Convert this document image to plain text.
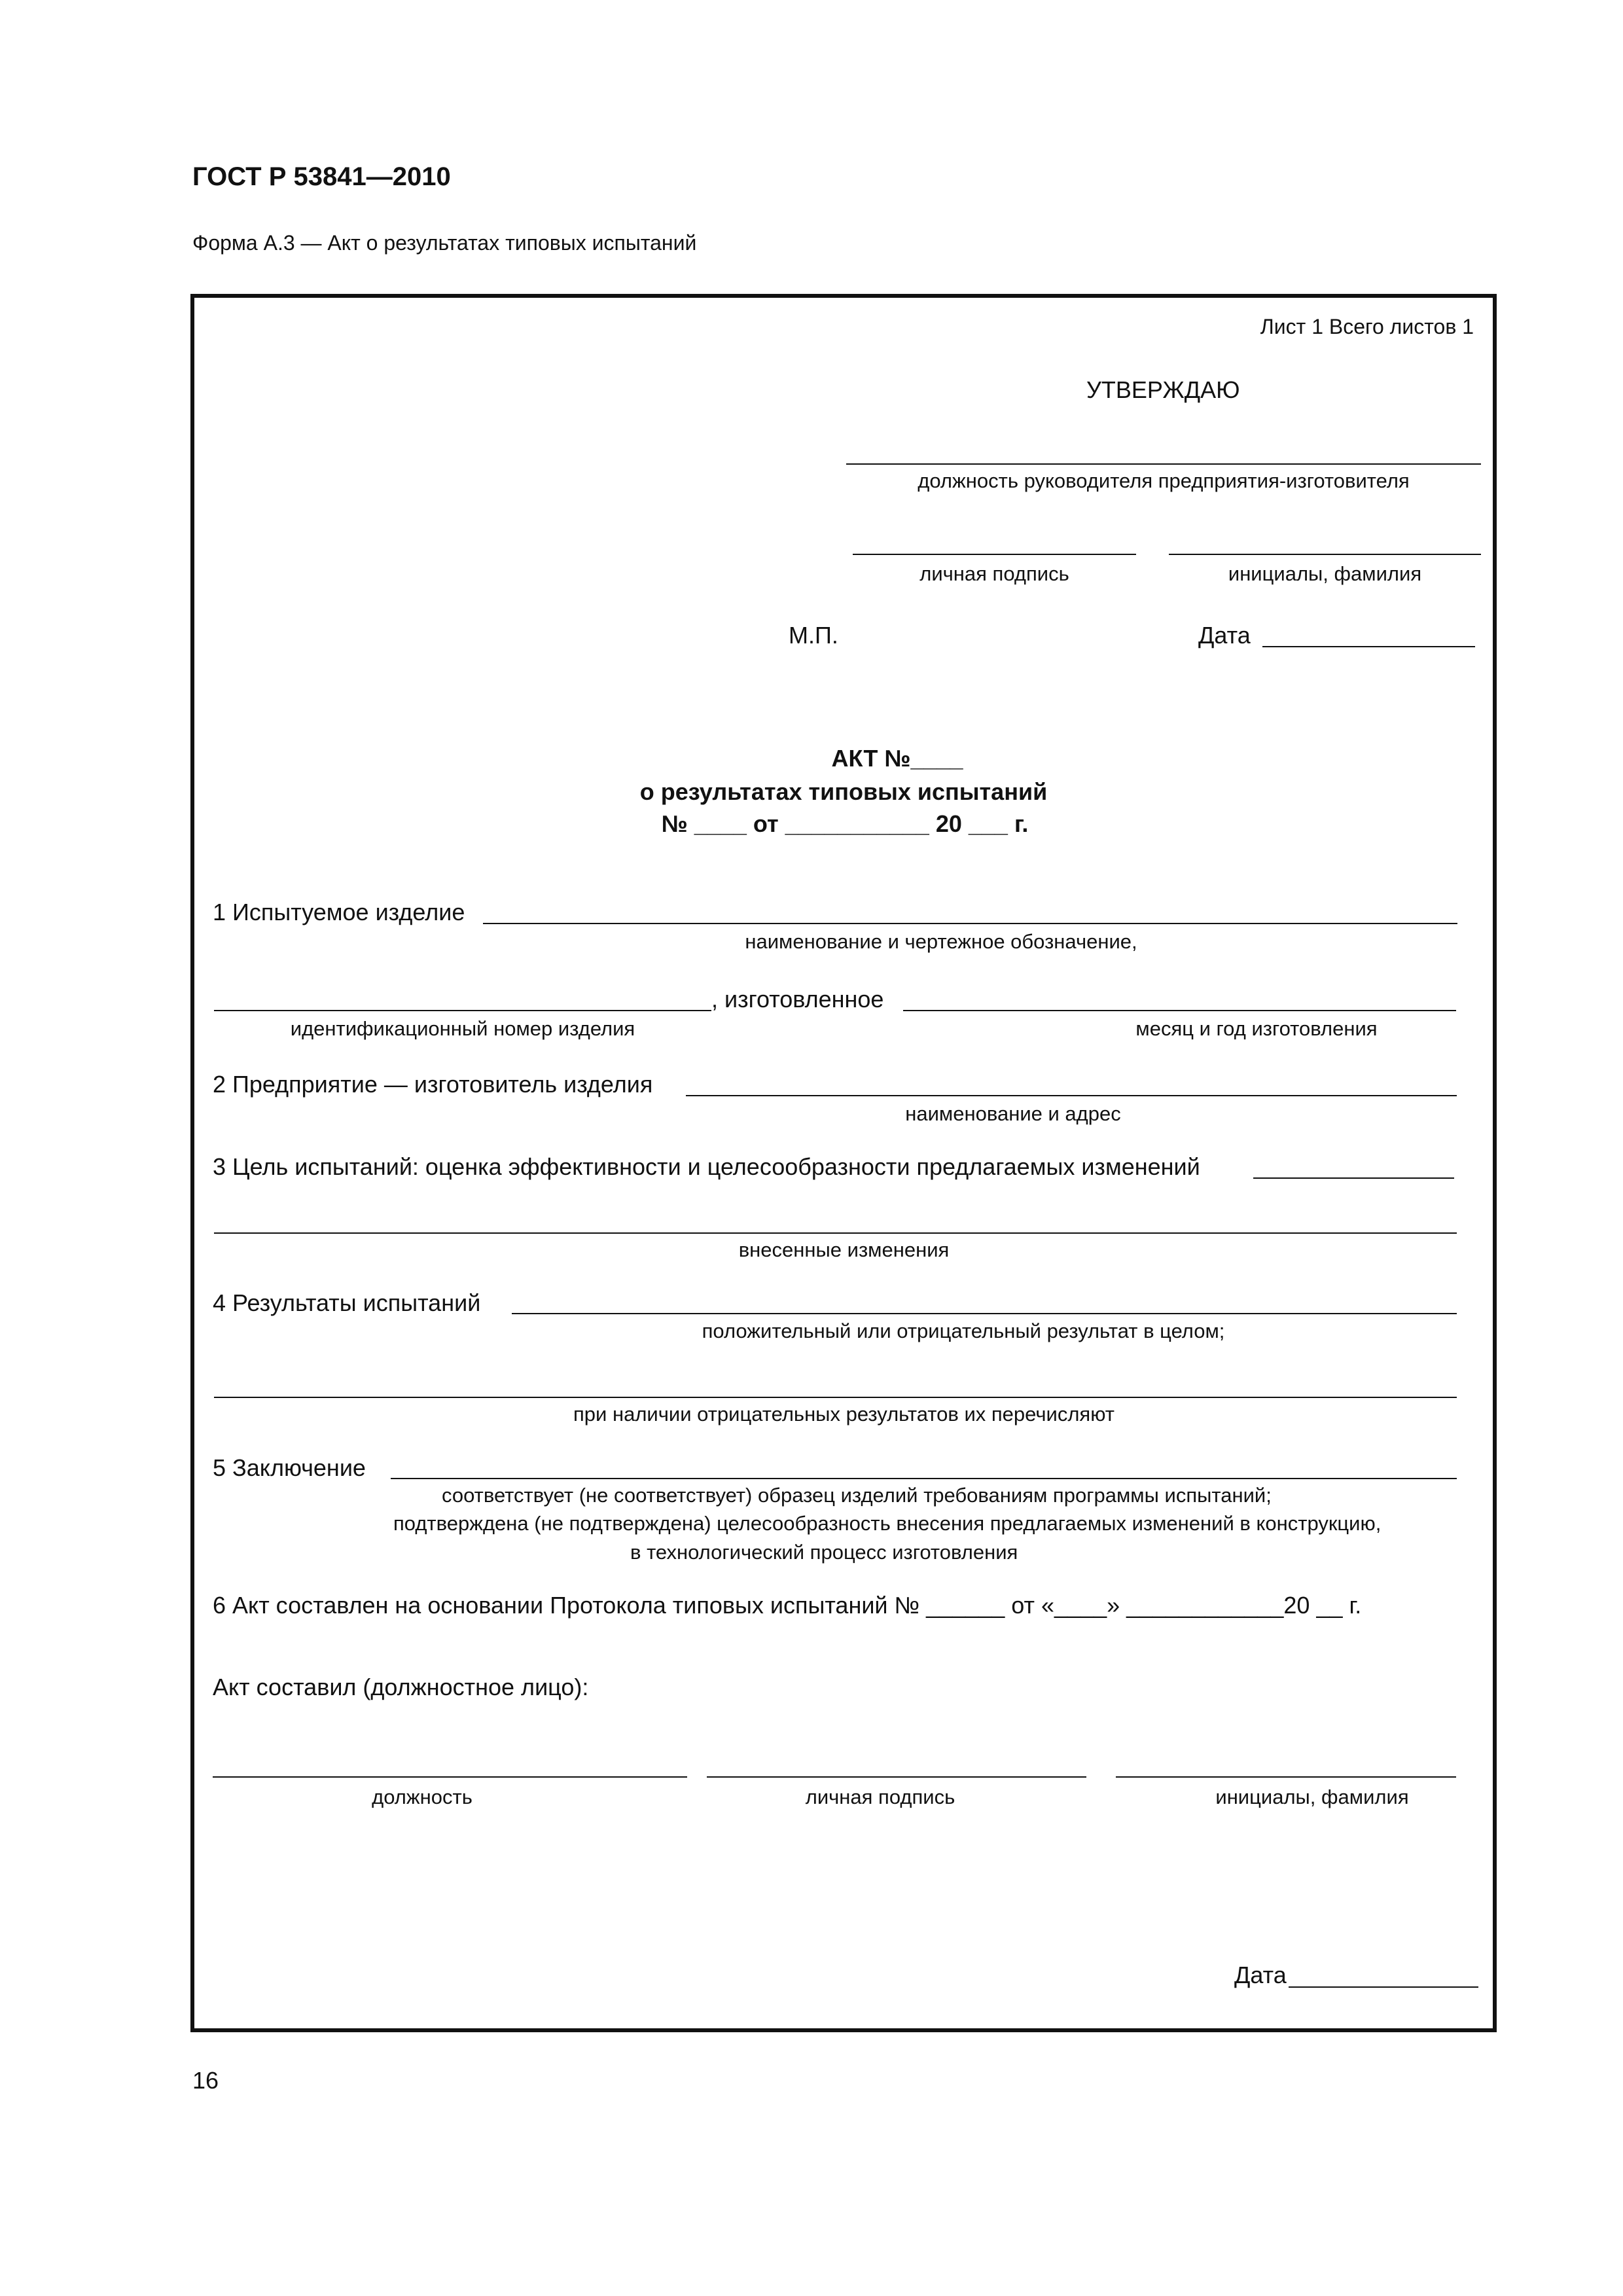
ГОСТ Р 53841—2010
Форма А.3 — Акт о результатах типовых испытаний
Лист 1 Всего листов 1
УТВЕРЖДАЮ
должность руководителя предприятия-изготовителя
личная подпись	инициалы, фамилия
М.П.	Дата
АКТ №____
о результатах типовых испытаний
№ ____ от ___________ 20 ___ г.
1 Испытуемое изделие
наименование и чертежное обозначение,
, изготовленное
идентификационный номер изделия	месяц и год изготовления
2 Предприятие — изготовитель изделия
наименование и адрес
3 Цель испытаний: оценка эффективности и целесообразности предлагаемых изменений
внесенные изменения
4 Результаты испытаний
положительный или отрицательный результат в целом;
при наличии отрицательных результатов их перечисляют
5 Заключение
соответствует (не соответствует) образец изделий требованиям программы испытаний;
подтверждена (не подтверждена) целесообразность внесения предлагаемых изменений в конструкцию,
в технологический процесс изготовления
6 Акт составлен на основании Протокола типовых испытаний № ______ от «____» ____________20 __ г.
Акт составил (должностное лицо):
должность	личная подпись	инициалы, фамилия
Дата
16
